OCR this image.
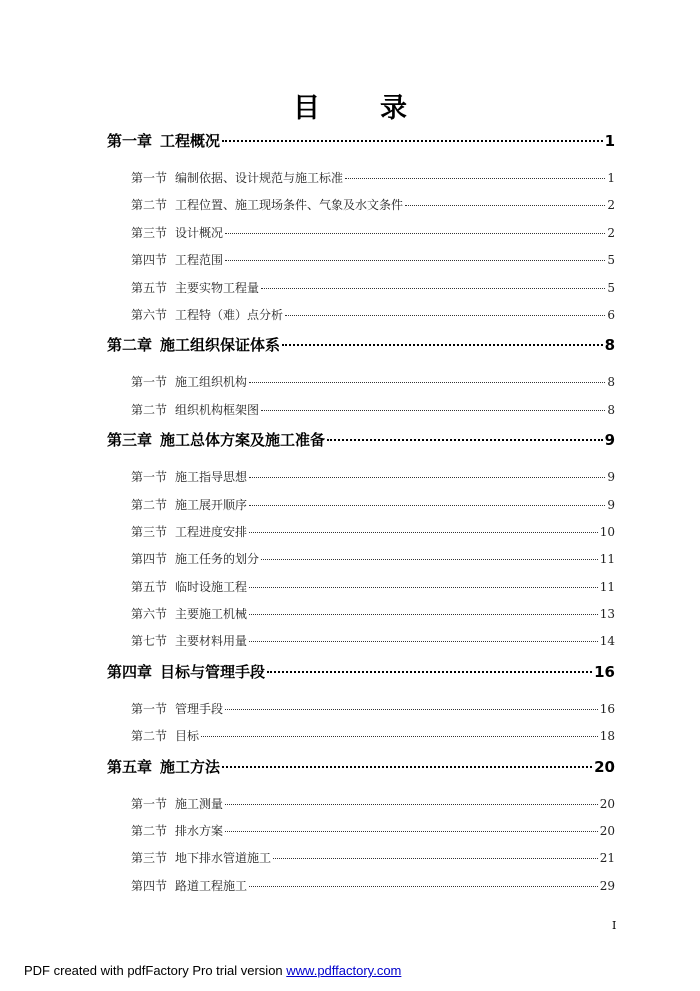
目 录
第一章 工程概况	1
第一节 编制依据、设计规范与施工标准	1
第二节 工程位置、施工现场条件、气象及水文条件	2
第三节 设计概况	2
第四节 工程范围	5
第五节 主要实物工程量	5
第六节 工程特（难）点分析	6
第二章 施工组织保证体系	8
第一节 施工组织机构	8
第二节 组织机构框架图	8
第三章 施工总体方案及施工准备	9
第一节 施工指导思想	9
第二节 施工展开顺序	9
第三节 工程进度安排	10
第四节 施工任务的划分	11
第五节 临时设施工程	11
第六节 主要施工机械	13
第七节 主要材料用量	14
第四章 目标与管理手段	16
第一节 管理手段	16
第二节 目标	18
第五章 施工方法	20
第一节 施工测量	20
第二节 排水方案	20
第三节 地下排水管道施工	21
第四节 路道工程施工	29
I
PDF created with pdfFactory Pro trial version www.pdffactory.com
